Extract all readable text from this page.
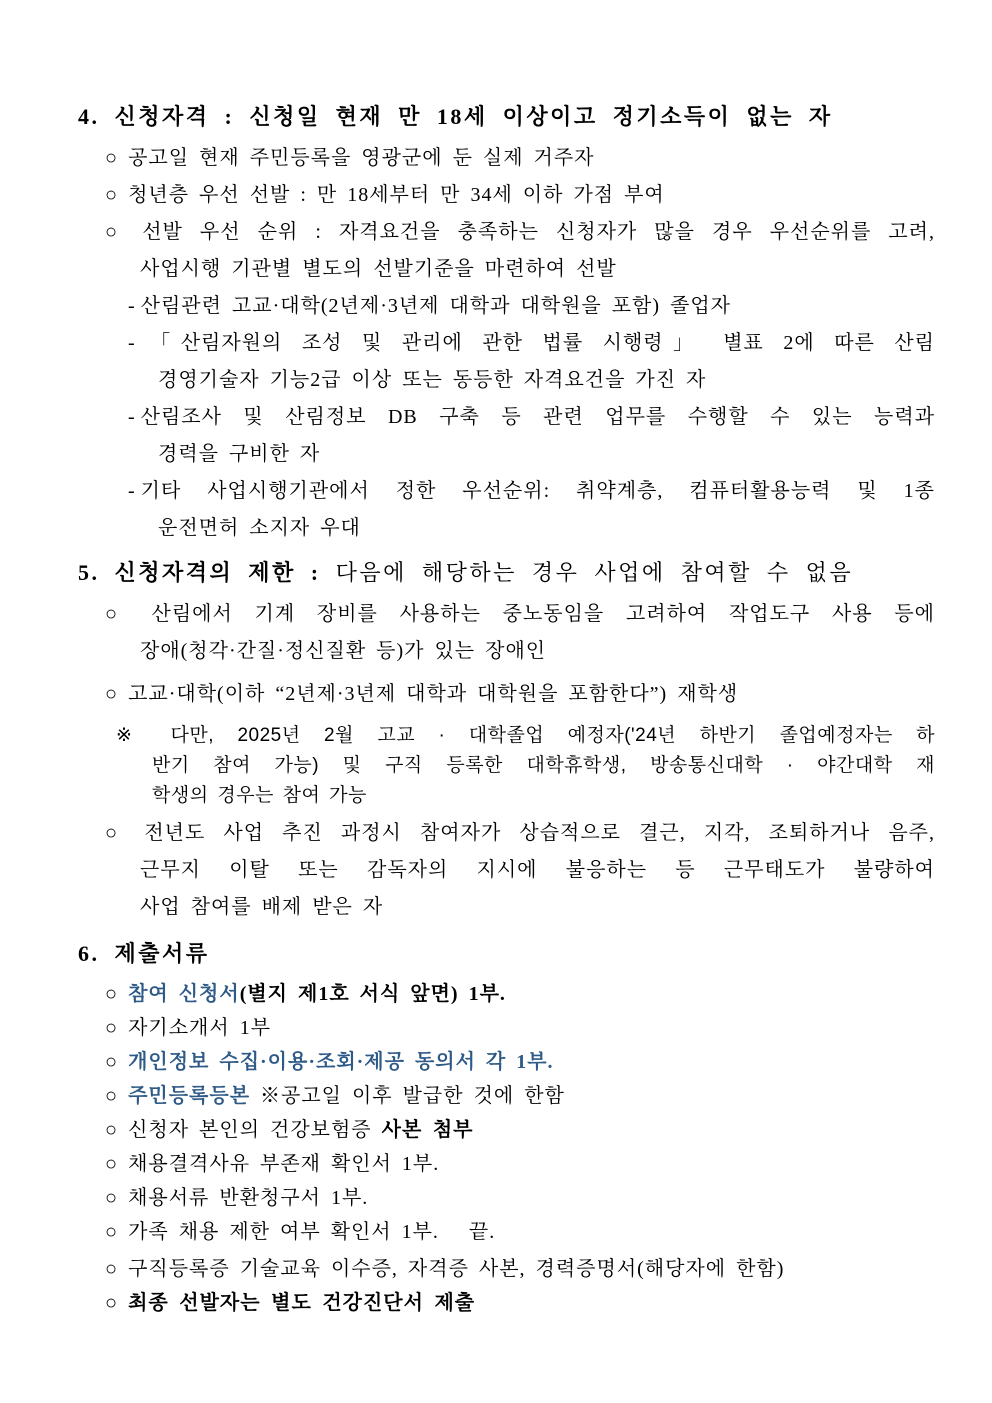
4. 신청자격 : 신청일 현재 만 18세 이상이고 정기소득이 없는 자
○ 공고일 현재 주민등록을 영광군에 둔 실제 거주자
○ 청년층 우선 선발 : 만 18세부터 만 34세 이하 가점 부여
○ 선발 우선 순위 : 자격요건을 충족하는 신청자가 많을 경우 우선순위를 고려,
사업시행 기관별 별도의 선발기준을 마련하여 선발
- 산림관련 고교·대학(2년제·3년제 대학과 대학원을 포함) 졸업자
- 「산림자원의 조성 및 관리에 관한 법률 시행령」 별표 2에 따른 산림
경영기술자 기능2급 이상 또는 동등한 자격요건을 가진 자
- 산림조사 및 산림정보 DB 구축 등 관련 업무를 수행할 수 있는 능력과
경력을 구비한 자
- 기타 사업시행기관에서 정한 우선순위: 취약계층, 컴퓨터활용능력 및 1종
운전면허 소지자 우대
5. 신청자격의 제한 : 다음에 해당하는 경우 사업에 참여할 수 없음
○ 산림에서 기계 장비를 사용하는 중노동임을 고려하여 작업도구 사용 등에
장애(청각·간질·정신질환 등)가 있는 장애인
○ 고교·대학(이하 “2년제·3년제 대학과 대학원을 포함한다”) 재학생
※ 다만, 2025년 2월 고교 · 대학졸업 예정자('24년 하반기 졸업예정자는 하
반기 참여 가능) 및 구직 등록한 대학휴학생, 방송통신대학 · 야간대학 재
학생의 경우는 참여 가능
○ 전년도 사업 추진 과정시 참여자가 상습적으로 결근, 지각, 조퇴하거나 음주,
근무지 이탈 또는 감독자의 지시에 불응하는 등 근무태도가 불량하여
사업 참여를 배제 받은 자
6. 제출서류
○ 참여 신청서(별지 제1호 서식 앞면) 1부.
○ 자기소개서 1부
○ 개인정보 수집·이용·조회·제공 동의서 각 1부.
○ 주민등록등본 ※공고일 이후 발급한 것에 한함
○ 신청자 본인의 건강보험증 사본 첨부
○ 채용결격사유 부존재 확인서 1부.
○ 채용서류 반환청구서 1부.
○ 가족 채용 제한 여부 확인서 1부.   끝.
○ 구직등록증 기술교육 이수증, 자격증 사본, 경력증명서(해당자에 한함)
○ 최종 선발자는 별도 건강진단서 제출
